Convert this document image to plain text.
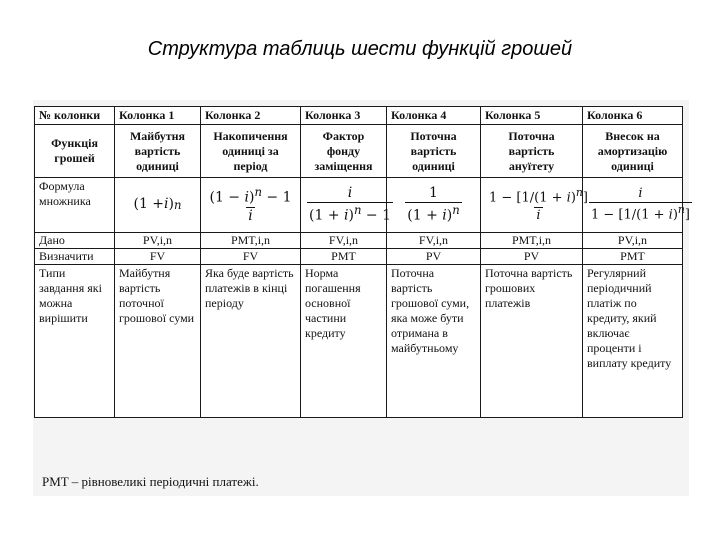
Структура таблиць шести функцій грошей
№ колонки	Колонка 1	Колонка 2	Колонка 3	Колонка 4	Колонка 5	Колонка 6
Функція грошей	Майбутня вартість одиниці	Накопичення одиниці за період	Фактор фонду заміщення	Поточна вартість одиниці	Поточна вартість ануїтету	Внесок на амортизацію одиниці
Формула множника	(1 + i ) n	$\frac{(1 - i)^n - 1}{i}$	$\frac{i}{(1 + i)^n - 1}$	$\frac{1}{(1 + i)^n}$	$\frac{1 - [1/(1 + i)^n]}{i}$	$\frac{i}{1 - [1/(1 + i)^n]}$

Дано	PV,i,n	PMT,i,n	FV,i,n	FV,i,n	PMT,i,n	PV,i,n
Визначити	FV	FV	PMT	PV	PV	PMT
Типи завдання які можна вирішити	Майбутня вартість поточної грошової суми	Яка буде вартість платежів в кінці періоду	Норма погашення основної частини кредиту	Поточна вартість грошової суми, яка може бути отримана в майбутньому	Поточна вартість грошових платежів	Регулярний періодичний платіж по кредиту, який включає проценти і виплату кредиту
PMT – рівновеликі періодичні платежі.
